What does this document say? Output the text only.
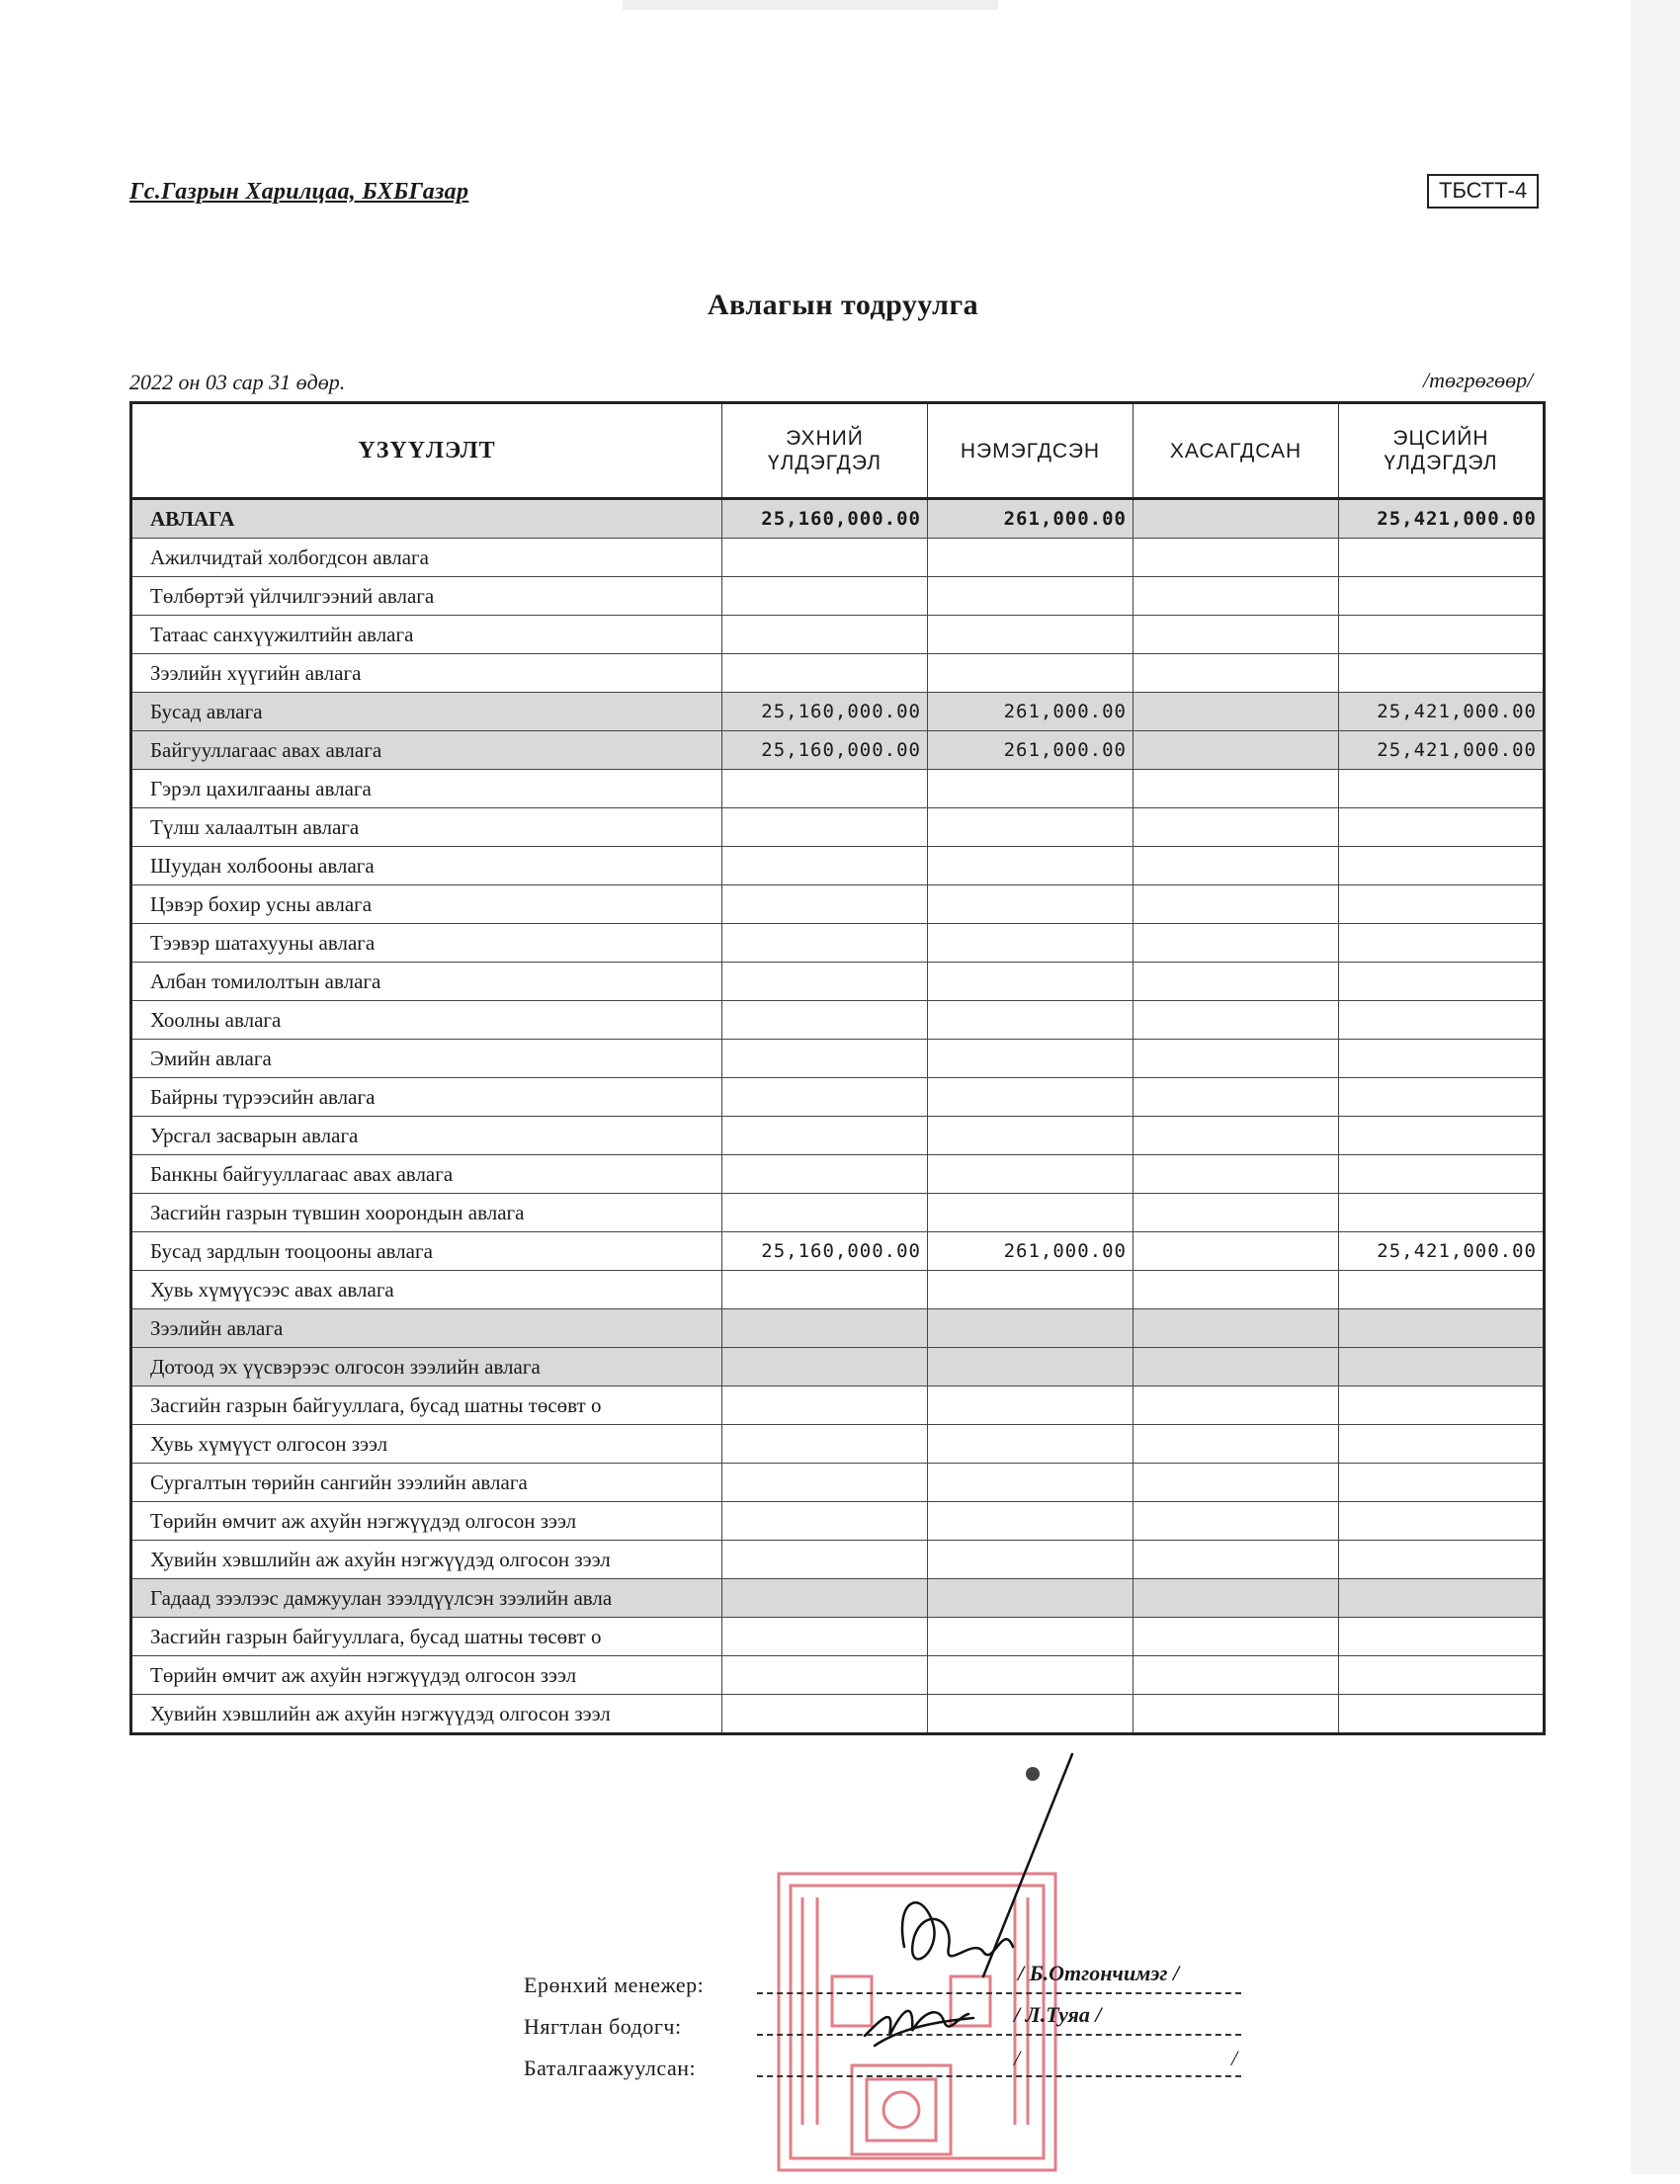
Гс.Газрын Харилцаа, БХБГазар	ТБСТТ-4
Авлагын тодруулга
2022 он 03 сар 31 өдөр.	/төгрөгөөр/
ҮЗҮҮЛЭЛТ	ЭХНИЙ ҮЛДЭГДЭЛ	НЭМЭГДСЭН	ХАСАГДСАН	ЭЦСИЙН ҮЛДЭГДЭЛ

АВЛАГА	25,160,000.00	261,000.00		25,421,000.00
Ажилчидтай холбогдсон авлага				
Төлбөртэй үйлчилгээний авлага				
Татаас санхүүжилтийн авлага				
Зээлийн хүүгийн авлага				
Бусад авлага	25,160,000.00	261,000.00		25,421,000.00
Байгууллагаас авах авлага	25,160,000.00	261,000.00		25,421,000.00
Гэрэл цахилгааны авлага				
Түлш халаалтын авлага				
Шуудан холбооны авлага				
Цэвэр бохир усны авлага				
Тээвэр шатахууны авлага				
Албан томилолтын авлага				
Хоолны авлага				
Эмийн авлага				
Байрны түрээсийн авлага				
Урсгал засварын авлага				
Банкны байгууллагаас авах авлага				
Засгийн газрын түвшин хоорондын авлага				
Бусад зардлын тооцооны авлага	25,160,000.00	261,000.00		25,421,000.00
Хувь хүмүүсээс авах авлага				
Зээлийн авлага				
Дотоод эх үүсвэрээс олгосон зээлийн авлага				
Засгийн газрын байгууллага, бусад шатны төсөвт о				
Хувь хүмүүст олгосон зээл				
Сургалтын төрийн сангийн зээлийн авлага				
Төрийн өмчит аж ахуйн нэгжүүдэд олгосон зээл				
Хувийн хэвшлийн аж ахуйн нэгжүүдэд олгосон зээл				
Гадаад зээлээс дамжуулан зээлдүүлсэн зээлийн авла				
Засгийн газрын байгууллага, бусад шатны төсөвт о				
Төрийн өмчит аж ахуйн нэгжүүдэд олгосон зээл				
Хувийн хэвшлийн аж ахуйн нэгжүүдэд олгосон зээл				
Ерөнхий менежер:	/ Б.Отгончимэг /
Нягтлан бодогч:	/ Л.Туяа /
Баталгаажуулсан:	/	/
